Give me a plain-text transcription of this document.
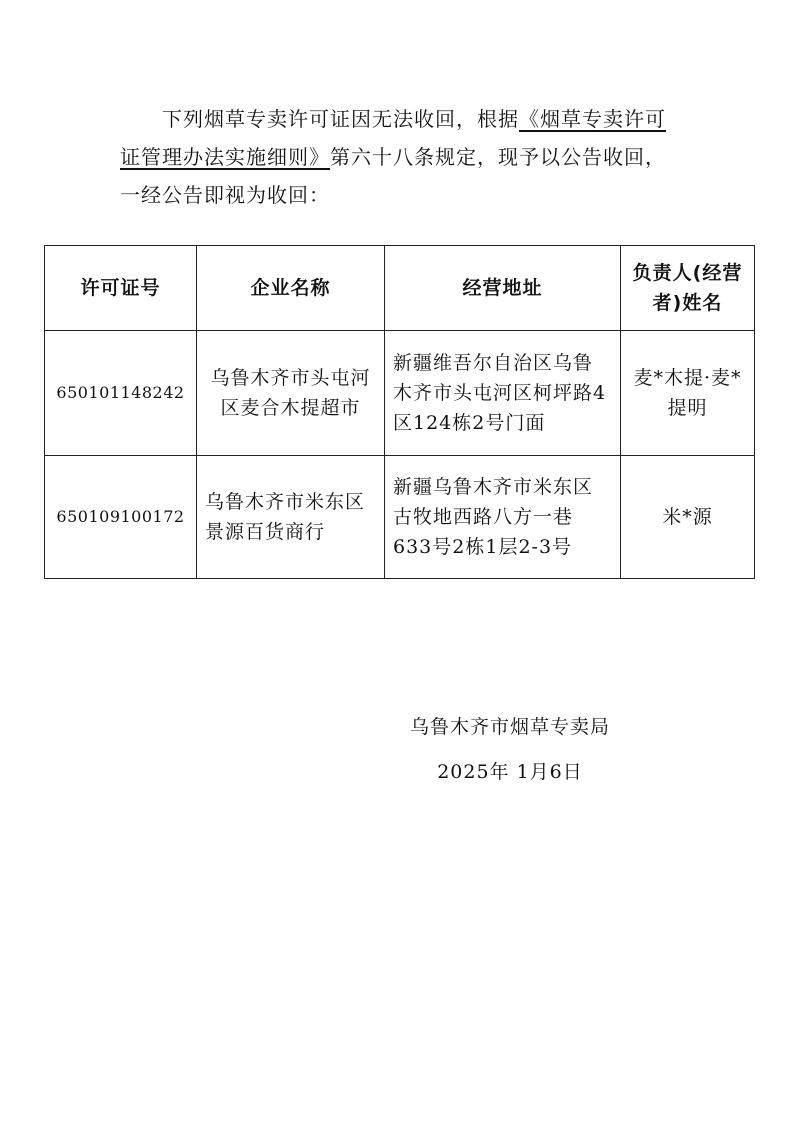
下列烟草专卖许可证因无法收回，根据《烟草专卖许可证管理办法实施细则》第六十八条规定，现予以公告收回，一经公告即视为收回：
许可证号	企业名称	经营地址	负责人(经营者)姓名
650101148242	乌鲁木齐市头屯河区麦合木提超市	新疆维吾尔自治区乌鲁木齐市头屯河区柯坪路4区124栋2号门面	麦*木提·麦*提明
650109100172	乌鲁木齐市米东区景源百货商行	新疆乌鲁木齐市米东区古牧地西路八方一巷633号2栋1层2-3号	米*源
乌鲁木齐市烟草专卖局
2025年 1月6日
